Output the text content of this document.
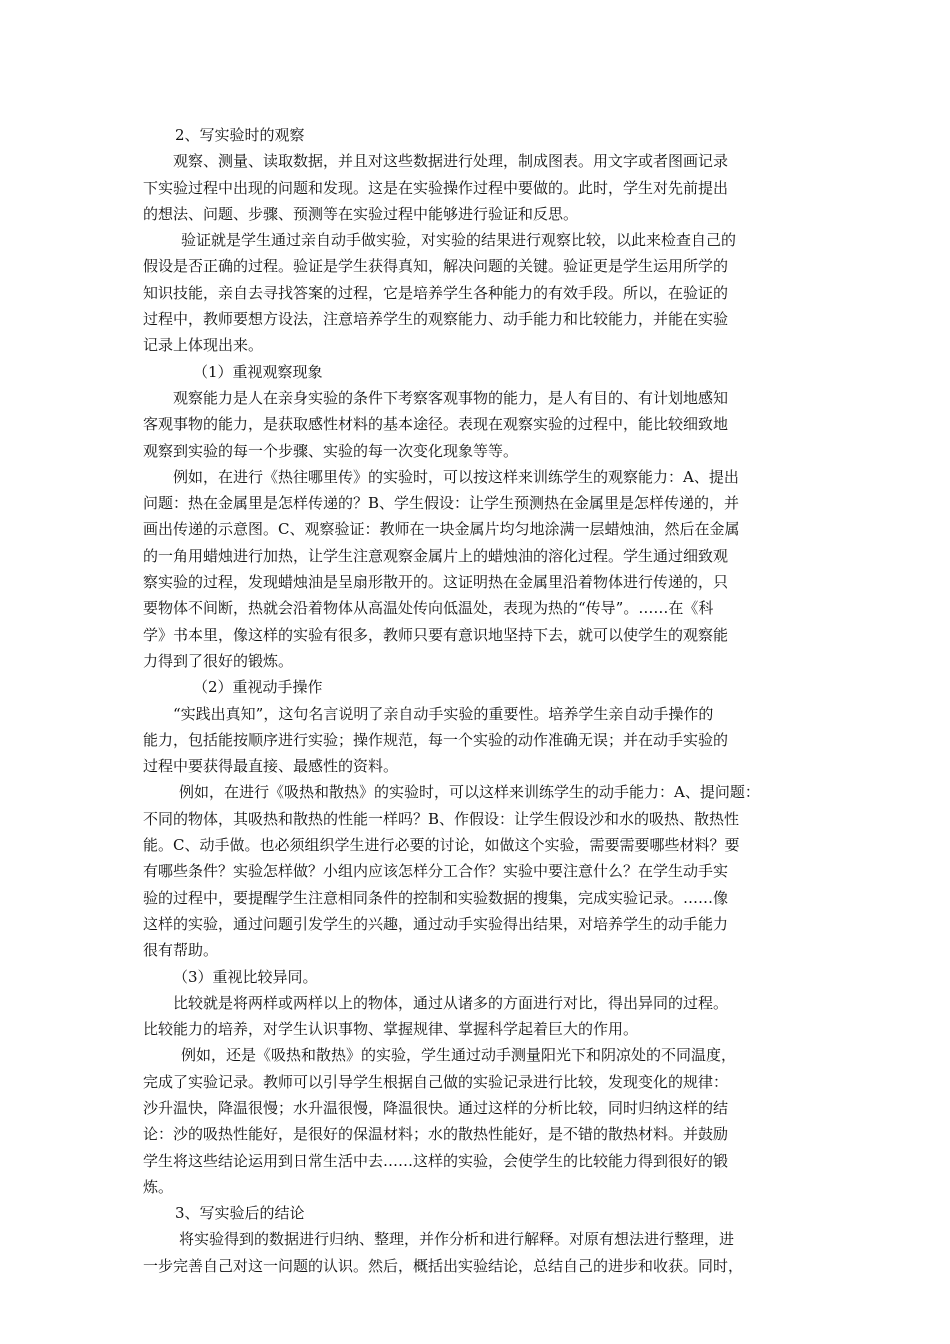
2、写实验时的观察
观察、测量、读取数据，并且对这些数据进行处理，制成图表。用文字或者图画记录
下实验过程中出现的问题和发现。这是在实验操作过程中要做的。此时，学生对先前提出
的想法、问题、步骤、预测等在实验过程中能够进行验证和反思。
验证就是学生通过亲自动手做实验，对实验的结果进行观察比较，以此来检查自己的
假设是否正确的过程。验证是学生获得真知，解决问题的关键。验证更是学生运用所学的
知识技能，亲自去寻找答案的过程，它是培养学生各种能力的有效手段。所以，在验证的
过程中，教师要想方设法，注意培养学生的观察能力、动手能力和比较能力，并能在实验
记录上体现出来。
（1）重视观察现象
观察能力是人在亲身实验的条件下考察客观事物的能力，是人有目的、有计划地感知
客观事物的能力，是获取感性材料的基本途径。表现在观察实验的过程中，能比较细致地
观察到实验的每一个步骤、实验的每一次变化现象等等。
例如，在进行《热往哪里传》的实验时，可以按这样来训练学生的观察能力：A、提出
问题：热在金属里是怎样传递的？B、学生假设：让学生预测热在金属里是怎样传递的，并
画出传递的示意图。C、观察验证：教师在一块金属片均匀地涂满一层蜡烛油，然后在金属
的一角用蜡烛进行加热，让学生注意观察金属片上的蜡烛油的溶化过程。学生通过细致观
察实验的过程，发现蜡烛油是呈扇形散开的。这证明热在金属里沿着物体进行传递的，只
要物体不间断，热就会沿着物体从高温处传向低温处，表现为热的“传导”。……在《科
学》书本里，像这样的实验有很多，教师只要有意识地坚持下去，就可以使学生的观察能
力得到了很好的锻炼。
（2）重视动手操作
“实践出真知”，这句名言说明了亲自动手实验的重要性。培养学生亲自动手操作的
能力，包括能按顺序进行实验；操作规范，每一个实验的动作准确无误；并在动手实验的
过程中要获得最直接、最感性的资料。
例如，在进行《吸热和散热》的实验时，可以这样来训练学生的动手能力：A、提问题：
不同的物体，其吸热和散热的性能一样吗？B、作假设：让学生假设沙和水的吸热、散热性
能。C、动手做。也必须组织学生进行必要的讨论，如做这个实验，需要需要哪些材料？要
有哪些条件？实验怎样做？小组内应该怎样分工合作？实验中要注意什么？在学生动手实
验的过程中，要提醒学生注意相同条件的控制和实验数据的搜集，完成实验记录。……像
这样的实验，通过问题引发学生的兴趣，通过动手实验得出结果，对培养学生的动手能力
很有帮助。
（3）重视比较异同。
比较就是将两样或两样以上的物体，通过从诸多的方面进行对比，得出异同的过程。
比较能力的培养，对学生认识事物、掌握规律、掌握科学起着巨大的作用。
例如，还是《吸热和散热》的实验，学生通过动手测量阳光下和阴凉处的不同温度，
完成了实验记录。教师可以引导学生根据自己做的实验记录进行比较，发现变化的规律：
沙升温快，降温很慢；水升温很慢，降温很快。通过这样的分析比较，同时归纳这样的结
论：沙的吸热性能好，是很好的保温材料；水的散热性能好，是不错的散热材料。并鼓励
学生将这些结论运用到日常生活中去……这样的实验，会使学生的比较能力得到很好的锻
炼。
3、写实验后的结论
将实验得到的数据进行归纳、整理，并作分析和进行解释。对原有想法进行整理，进
一步完善自己对这一问题的认识。然后，概括出实验结论，总结自己的进步和收获。同时，
